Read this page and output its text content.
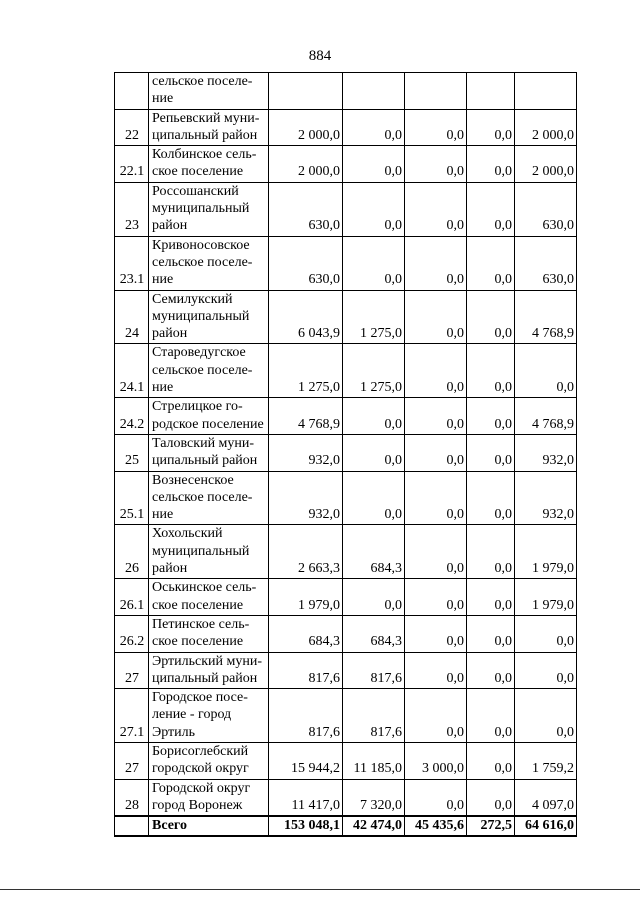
884
	сельское поселе-
ние					
22	Репьевский муни-
ципальный район	2 000,0	0,0	0,0	0,0	2 000,0
22.1	Колбинское сель-
ское поселение	2 000,0	0,0	0,0	0,0	2 000,0
23	Россошанский
муниципальный
район	630,0	0,0	0,0	0,0	630,0
23.1	Кривоносовское
сельское поселе-
ние	630,0	0,0	0,0	0,0	630,0
24	Семилукский
муниципальный
район	6 043,9	1 275,0	0,0	0,0	4 768,9
24.1	Староведугское
сельское поселе-
ние	1 275,0	1 275,0	0,0	0,0	0,0
24.2	Стрелицкое го-
родское поселение	4 768,9	0,0	0,0	0,0	4 768,9
25	Таловский муни-
ципальный район	932,0	0,0	0,0	0,0	932,0
25.1	Вознесенское
сельское поселе-
ние	932,0	0,0	0,0	0,0	932,0
26	Хохольский
муниципальный
район	2 663,3	684,3	0,0	0,0	1 979,0
26.1	Оськинское сель-
ское поселение	1 979,0	0,0	0,0	0,0	1 979,0
26.2	Петинское сель-
ское поселение	684,3	684,3	0,0	0,0	0,0
27	Эртильский муни-
ципальный район	817,6	817,6	0,0	0,0	0,0
27.1	Городское посе-
ление - город
Эртиль	817,6	817,6	0,0	0,0	0,0
27	Борисоглебский
городской округ	15 944,2	11 185,0	3 000,0	0,0	1 759,2
28	Городской округ
город Воронеж	11 417,0	7 320,0	0,0	0,0	4 097,0
	Всего	153 048,1	42 474,0	45 435,6	272,5	64 616,0
